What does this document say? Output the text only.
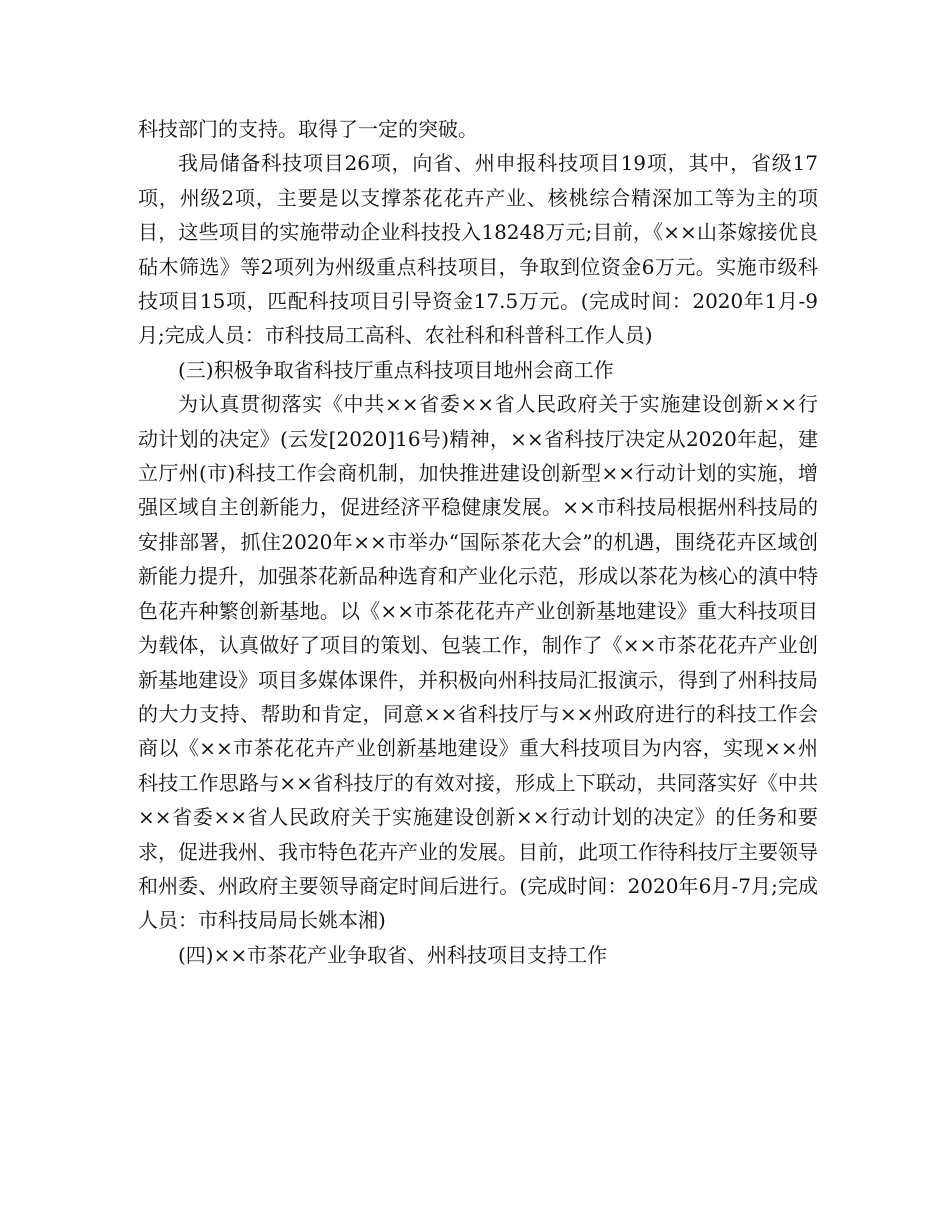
科技部门的支持。取得了一定的突破。

我局储备科技项目26项，向省、州申报科技项目19项，其中，省级17项，州级2项，主要是以支撑茶花花卉产业、核桃综合精深加工等为主的项目，这些项目的实施带动企业科技投入18248万元;目前，《××山茶嫁接优良砧木筛选》等2项列为州级重点科技项目，争取到位资金6万元。实施市级科技项目15项，匹配科技项目引导资金17.5万元。(完成时间：2020年1月-9月;完成人员：市科技局工高科、农社科和科普科工作人员)

(三)积极争取省科技厅重点科技项目地州会商工作

为认真贯彻落实《中共××省委××省人民政府关于实施建设创新××行动计划的决定》(云发[2020]16号)精神，××省科技厅决定从2020年起，建立厅州(市)科技工作会商机制，加快推进建设创新型××行动计划的实施，增强区域自主创新能力，促进经济平稳健康发展。××市科技局根据州科技局的安排部署，抓住2020年××市举办“国际茶花大会”的机遇，围绕花卉区域创新能力提升，加强茶花新品种选育和产业化示范，形成以茶花为核心的滇中特色花卉种繁创新基地。以《××市茶花花卉产业创新基地建设》重大科技项目为载体，认真做好了项目的策划、包装工作，制作了《××市茶花花卉产业创新基地建设》项目多媒体课件，并积极向州科技局汇报演示，得到了州科技局的大力支持、帮助和肯定，同意××省科技厅与××州政府进行的科技工作会商以《××市茶花花卉产业创新基地建设》重大科技项目为内容，实现××州科技工作思路与××省科技厅的有效对接，形成上下联动，共同落实好《中共××省委××省人民政府关于实施建设创新××行动计划的决定》的任务和要求，促进我州、我市特色花卉产业的发展。目前，此项工作待科技厅主要领导和州委、州政府主要领导商定时间后进行。(完成时间：2020年6月-7月;完成人员：市科技局局长姚本湘)

(四)××市茶花产业争取省、州科技项目支持工作
